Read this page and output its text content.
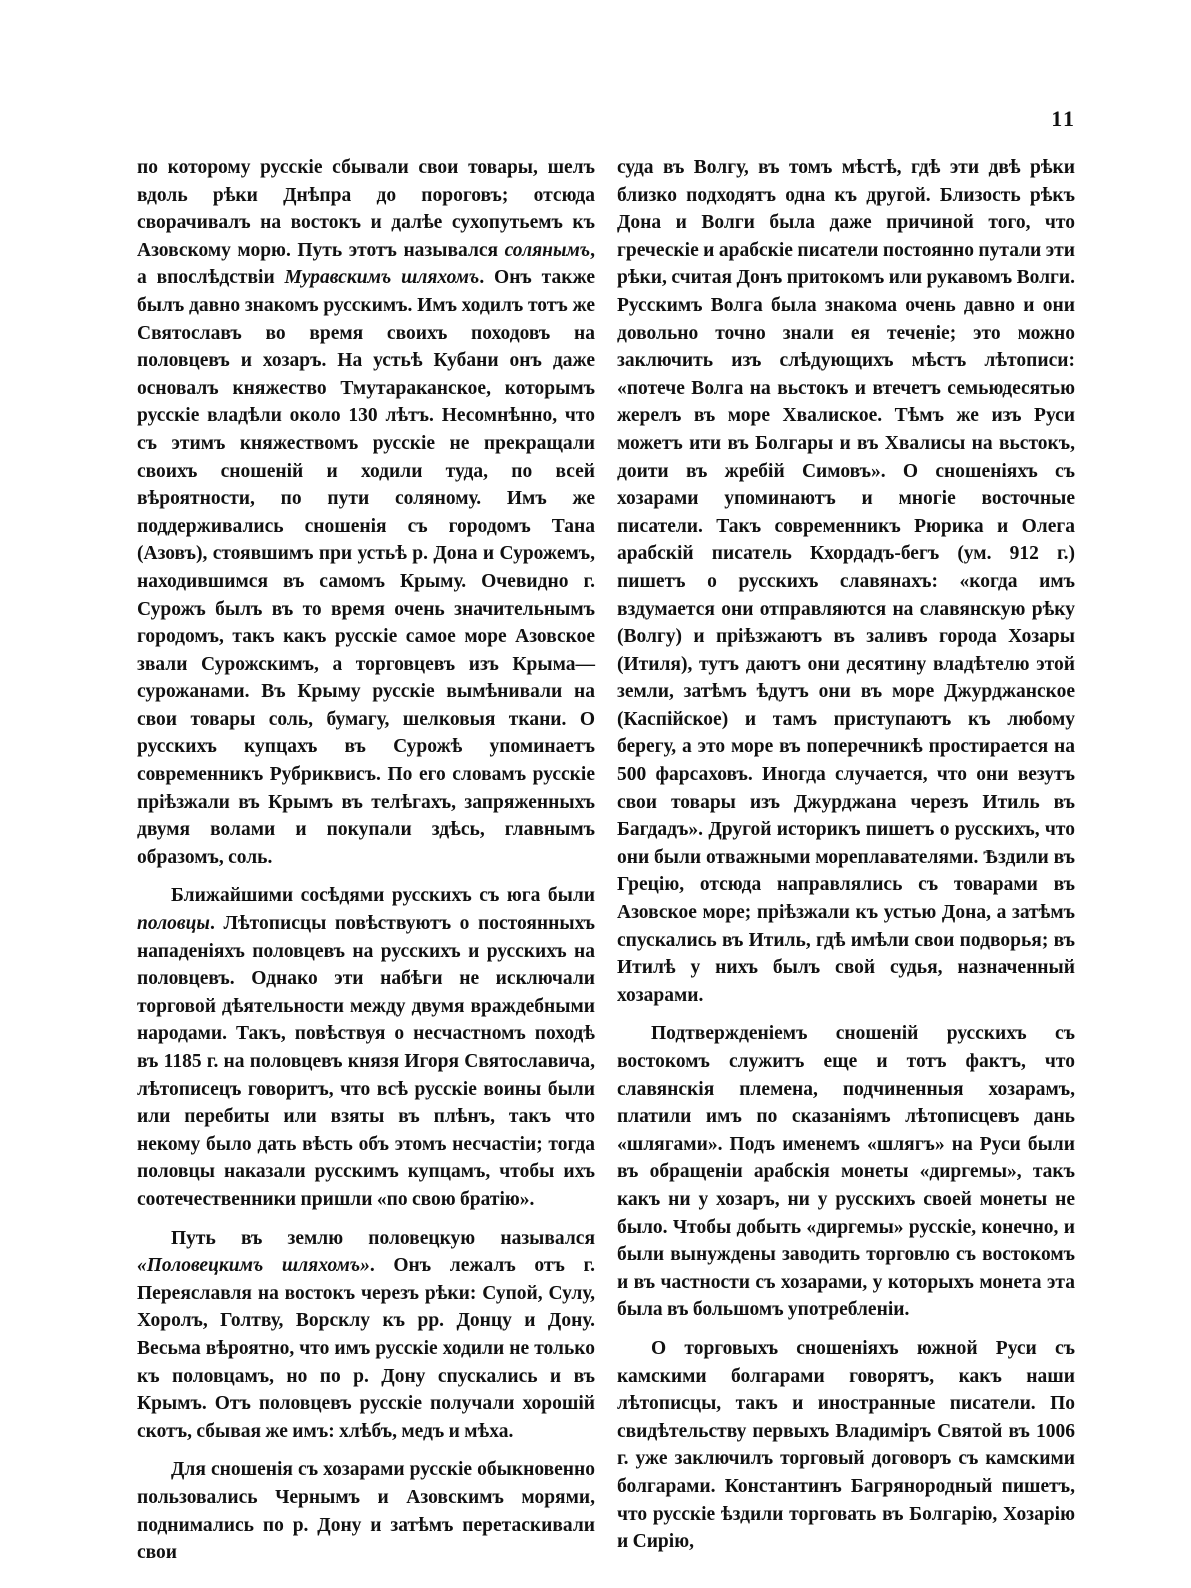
11

по которому русскіе сбывали свои товары, шелъ вдоль рѣки Днѣпра до пороговъ; отсюда сворачивалъ на востокъ и далѣе сухопутьемъ къ Азовскому морю. Путь этотъ назывался солянымъ, а впослѣдствіи Муравскимъ шляхомъ. Онъ также былъ давно знакомъ русскимъ. Имъ ходилъ тотъ же Святославъ во время своихъ походовъ на половцевъ и хозаръ. На устьѣ Кубани онъ даже основалъ княжество Тмутараканское, которымъ русскіе владѣли около 130 лѣтъ. Несомнѣнно, что съ этимъ княжествомъ русскіе не прекращали своихъ сношеній и ходили туда, по всей вѣроятности, по пути соляному. Имъ же поддерживались сношенія съ городомъ Тана (Азовъ), стоявшимъ при устьѣ р. Дона и Сурожемъ, находившимся въ самомъ Крыму. Очевидно г. Сурожъ былъ въ то время очень значительнымъ городомъ, такъ какъ русскіе самое море Азовское звали Сурожскимъ, а торговцевъ изъ Крыма—сурожанами. Въ Крыму русскіе вымѣнивали на свои товары соль, бумагу, шелковыя ткани. О русскихъ купцахъ въ Сурожѣ упоминаетъ современникъ Рубриквисъ. По его словамъ русскіе пріѣзжали въ Крымъ въ телѣгахъ, запряженныхъ двумя волами и покупали здѣсь, главнымъ образомъ, соль.

Ближайшими сосѣдями русскихъ съ юга были половцы. Лѣтописцы повѣствуютъ о постоянныхъ нападеніяхъ половцевъ на русскихъ и русскихъ на половцевъ. Однако эти набѣги не исключали торговой дѣятельности между двумя враждебными народами. Такъ, повѣствуя о несчастномъ походѣ въ 1185 г. на половцевъ князя Игоря Святославича, лѣтописецъ говоритъ, что всѣ русскіе воины были или перебиты или взяты въ плѣнъ, такъ что некому было дать вѣсть объ этомъ несчастіи; тогда половцы наказали русскимъ купцамъ, чтобы ихъ соотечественники пришли «по свою братію».

Путь въ землю половецкую назывался «Половецкимъ шляхомъ». Онъ лежалъ отъ г. Переяславля на востокъ черезъ рѣки: Супой, Сулу, Хоролъ, Голтву, Ворсклу къ рр. Донцу и Дону. Весьма вѣроятно, что имъ русскіе ходили не только къ половцамъ, но по р. Дону спускались и въ Крымъ. Отъ половцевъ русскіе получали хорошій скотъ, сбывая же имъ: хлѣбъ, медъ и мѣха.

Для сношенія съ хозарами русскіе обыкновенно пользовались Чернымъ и Азовскимъ морями, поднимались по р. Дону и затѣмъ перетаскивали свои

суда въ Волгу, въ томъ мѣстѣ, гдѣ эти двѣ рѣки близко подходятъ одна къ другой. Близость рѣкъ Дона и Волги была даже причиной того, что греческіе и арабскіе писатели постоянно путали эти рѣки, считая Донъ притокомъ или рукавомъ Волги. Русскимъ Волга была знакома очень давно и они довольно точно знали ея теченіе; это можно заключить изъ слѣдующихъ мѣстъ лѣтописи: «потече Волга на вьстокъ и втечетъ семьюдесятью жерелъ въ море Хвалиское. Тѣмъ же изъ Руси можетъ ити въ Болгары и въ Хвалисы на вьстокъ, доити въ жребій Симовъ». О сношеніяхъ съ хозарами упоминаютъ и многіе восточные писатели. Такъ современникъ Рюрика и Олега арабскій писатель Кхордадъ-бегъ (ум. 912 г.) пишетъ о русскихъ славянахъ: «когда имъ вздумается они отправляются на славянскую рѣку (Волгу) и пріѣзжаютъ въ заливъ города Хозары (Итиля), тутъ даютъ они десятину владѣтелю этой земли, затѣмъ ѣдутъ они въ море Джурджанское (Каспійское) и тамъ приступаютъ къ любому берегу, а это море въ поперечникѣ простирается на 500 фарсаховъ. Иногда случается, что они везутъ свои товары изъ Джурджана черезъ Итиль въ Багдадъ». Другой историкъ пишетъ о русскихъ, что они были отважными мореплавателями. Ѣздили въ Грецію, отсюда направлялись съ товарами въ Азовское море; пріѣзжали къ устью Дона, а затѣмъ спускались въ Итиль, гдѣ имѣли свои подворья; въ Итилѣ у нихъ былъ свой судья, назначенный хозарами.

Подтвержденіемъ сношеній русскихъ съ востокомъ служитъ еще и тотъ фактъ, что славянскія племена, подчиненныя хозарамъ, платили имъ по сказаніямъ лѣтописцевъ дань «шлягами». Подъ именемъ «шлягъ» на Руси были въ обращеніи арабскія монеты «диргемы», такъ какъ ни у хозаръ, ни у русскихъ своей монеты не было. Чтобы добыть «диргемы» русскіе, конечно, и были вынуждены заводить торговлю съ востокомъ и въ частности съ хозарами, у которыхъ монета эта была въ большомъ употребленіи.

О торговыхъ сношеніяхъ южной Руси съ камскими болгарами говорятъ, какъ наши лѣтописцы, такъ и иностранные писатели. По свидѣтельству первыхъ Владиміръ Святой въ 1006 г. уже заключилъ торговый договоръ съ камскими болгарами. Константинъ Багрянородный пишетъ, что русскіе ѣздили торговать въ Болгарію, Хозарію и Сирію,
